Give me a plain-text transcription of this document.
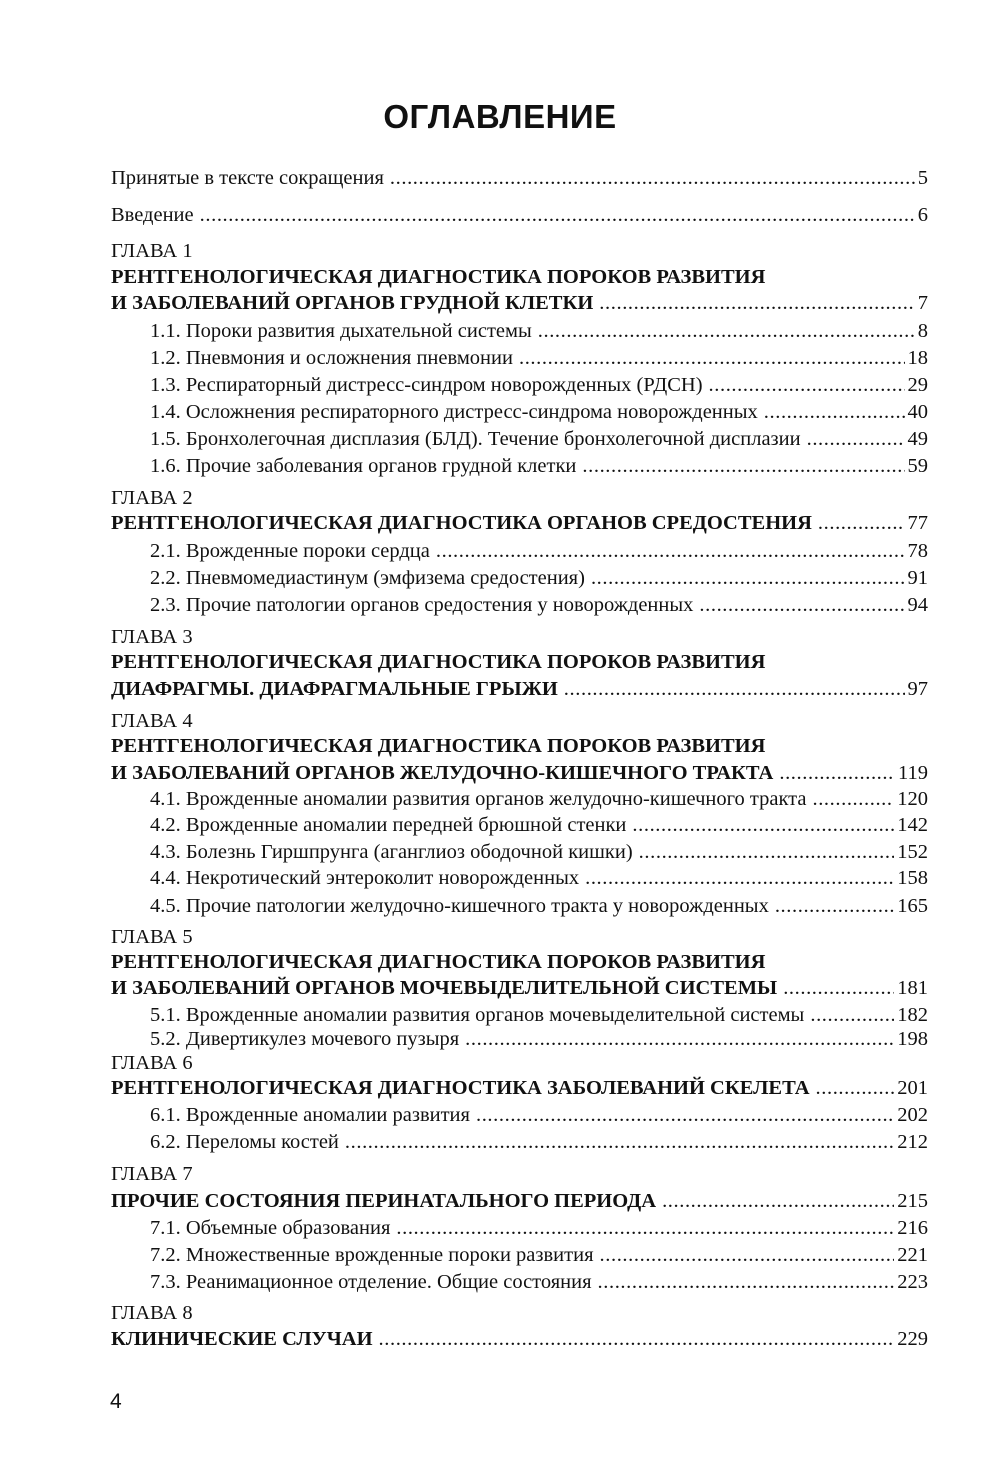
ОГЛАВЛЕНИЕ
Принятые в тексте сокращения .....	5
Введение .....	6
ГЛАВА 1
РЕНТГЕНОЛОГИЧЕСКАЯ ДИАГНОСТИКА ПОРОКОВ РАЗВИТИЯ
И ЗАБОЛЕВАНИЙ ОРГАНОВ ГРУДНОЙ КЛЕТКИ .....	7
1.1. Пороки развития дыхательной системы .....	8
1.2. Пневмония и осложнения пневмонии .....	18
1.3. Респираторный дистресс-синдром новорожденных (РДСН) .....	29
1.4. Осложнения респираторного дистресс-синдрома новорожденных .....	40
1.5. Бронхолегочная дисплазия (БЛД). Течение бронхолегочной дисплазии .....	49
1.6. Прочие заболевания органов грудной клетки .....	59
ГЛАВА 2
РЕНТГЕНОЛОГИЧЕСКАЯ ДИАГНОСТИКА ОРГАНОВ СРЕДОСТЕНИЯ .....	77
2.1. Врожденные пороки сердца .....	78
2.2. Пневмомедиастинум (эмфизема средостения) .....	91
2.3. Прочие патологии органов средостения у новорожденных .....	94
ГЛАВА 3
РЕНТГЕНОЛОГИЧЕСКАЯ ДИАГНОСТИКА ПОРОКОВ РАЗВИТИЯ
ДИАФРАГМЫ. ДИАФРАГМАЛЬНЫЕ ГРЫЖИ .....	97
ГЛАВА 4
РЕНТГЕНОЛОГИЧЕСКАЯ ДИАГНОСТИКА ПОРОКОВ РАЗВИТИЯ
И ЗАБОЛЕВАНИЙ ОРГАНОВ ЖЕЛУДОЧНО-КИШЕЧНОГО ТРАКТА .....	119
4.1. Врожденные аномалии развития органов желудочно-кишечного тракта .....	120
4.2. Врожденные аномалии передней брюшной стенки .....	142
4.3. Болезнь Гиршпрунга (аганглиоз ободочной кишки) .....	152
4.4. Некротический энтероколит новорожденных .....	158
4.5. Прочие патологии желудочно-кишечного тракта у новорожденных .....	165
ГЛАВА 5
РЕНТГЕНОЛОГИЧЕСКАЯ ДИАГНОСТИКА ПОРОКОВ РАЗВИТИЯ
И ЗАБОЛЕВАНИЙ ОРГАНОВ МОЧЕВЫДЕЛИТЕЛЬНОЙ СИСТЕМЫ .....	181
5.1. Врожденные аномалии развития органов мочевыделительной системы .....	182
5.2. Дивертикулез мочевого пузыря .....	198
ГЛАВА 6
РЕНТГЕНОЛОГИЧЕСКАЯ ДИАГНОСТИКА ЗАБОЛЕВАНИЙ СКЕЛЕТА .....	201
6.1. Врожденные аномалии развития .....	202
6.2. Переломы костей .....	212
ГЛАВА 7
ПРОЧИЕ СОСТОЯНИЯ ПЕРИНАТАЛЬНОГО ПЕРИОДА .....	215
7.1. Объемные образования .....	216
7.2. Множественные врожденные пороки развития .....	221
7.3. Реанимационное отделение. Общие состояния .....	223
ГЛАВА 8
КЛИНИЧЕСКИЕ СЛУЧАИ .....	229
4
